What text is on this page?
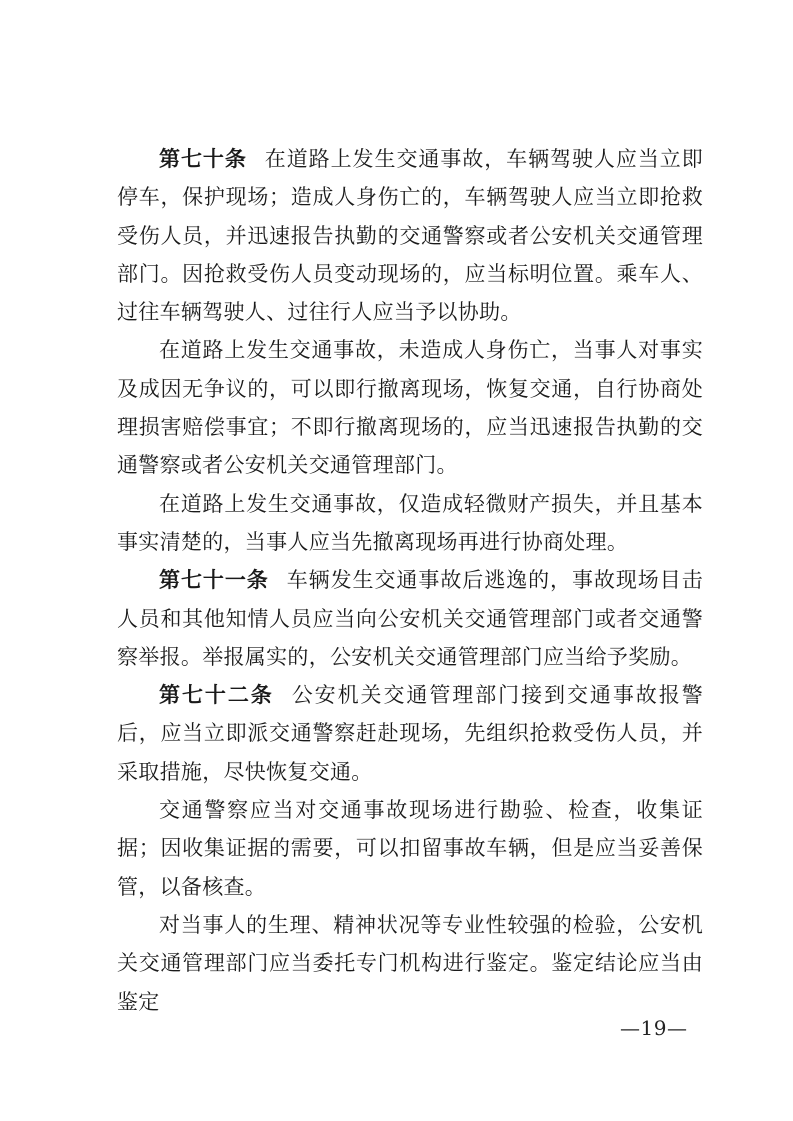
第七十条 在道路上发生交通事故，车辆驾驶人应当立即停车，保护现场；造成人身伤亡的，车辆驾驶人应当立即抢救受伤人员，并迅速报告执勤的交通警察或者公安机关交通管理部门。因抢救受伤人员变动现场的，应当标明位置。乘车人、过往车辆驾驶人、过往行人应当予以协助。

在道路上发生交通事故，未造成人身伤亡，当事人对事实及成因无争议的，可以即行撤离现场，恢复交通，自行协商处理损害赔偿事宜；不即行撤离现场的，应当迅速报告执勤的交通警察或者公安机关交通管理部门。

在道路上发生交通事故，仅造成轻微财产损失，并且基本事实清楚的，当事人应当先撤离现场再进行协商处理。

第七十一条 车辆发生交通事故后逃逸的，事故现场目击人员和其他知情人员应当向公安机关交通管理部门或者交通警察举报。举报属实的，公安机关交通管理部门应当给予奖励。

第七十二条 公安机关交通管理部门接到交通事故报警后，应当立即派交通警察赶赴现场，先组织抢救受伤人员，并采取措施，尽快恢复交通。

交通警察应当对交通事故现场进行勘验、检查，收集证据；因收集证据的需要，可以扣留事故车辆，但是应当妥善保管，以备核查。

对当事人的生理、精神状况等专业性较强的检验，公安机关交通管理部门应当委托专门机构进行鉴定。鉴定结论应当由鉴定

—19—
